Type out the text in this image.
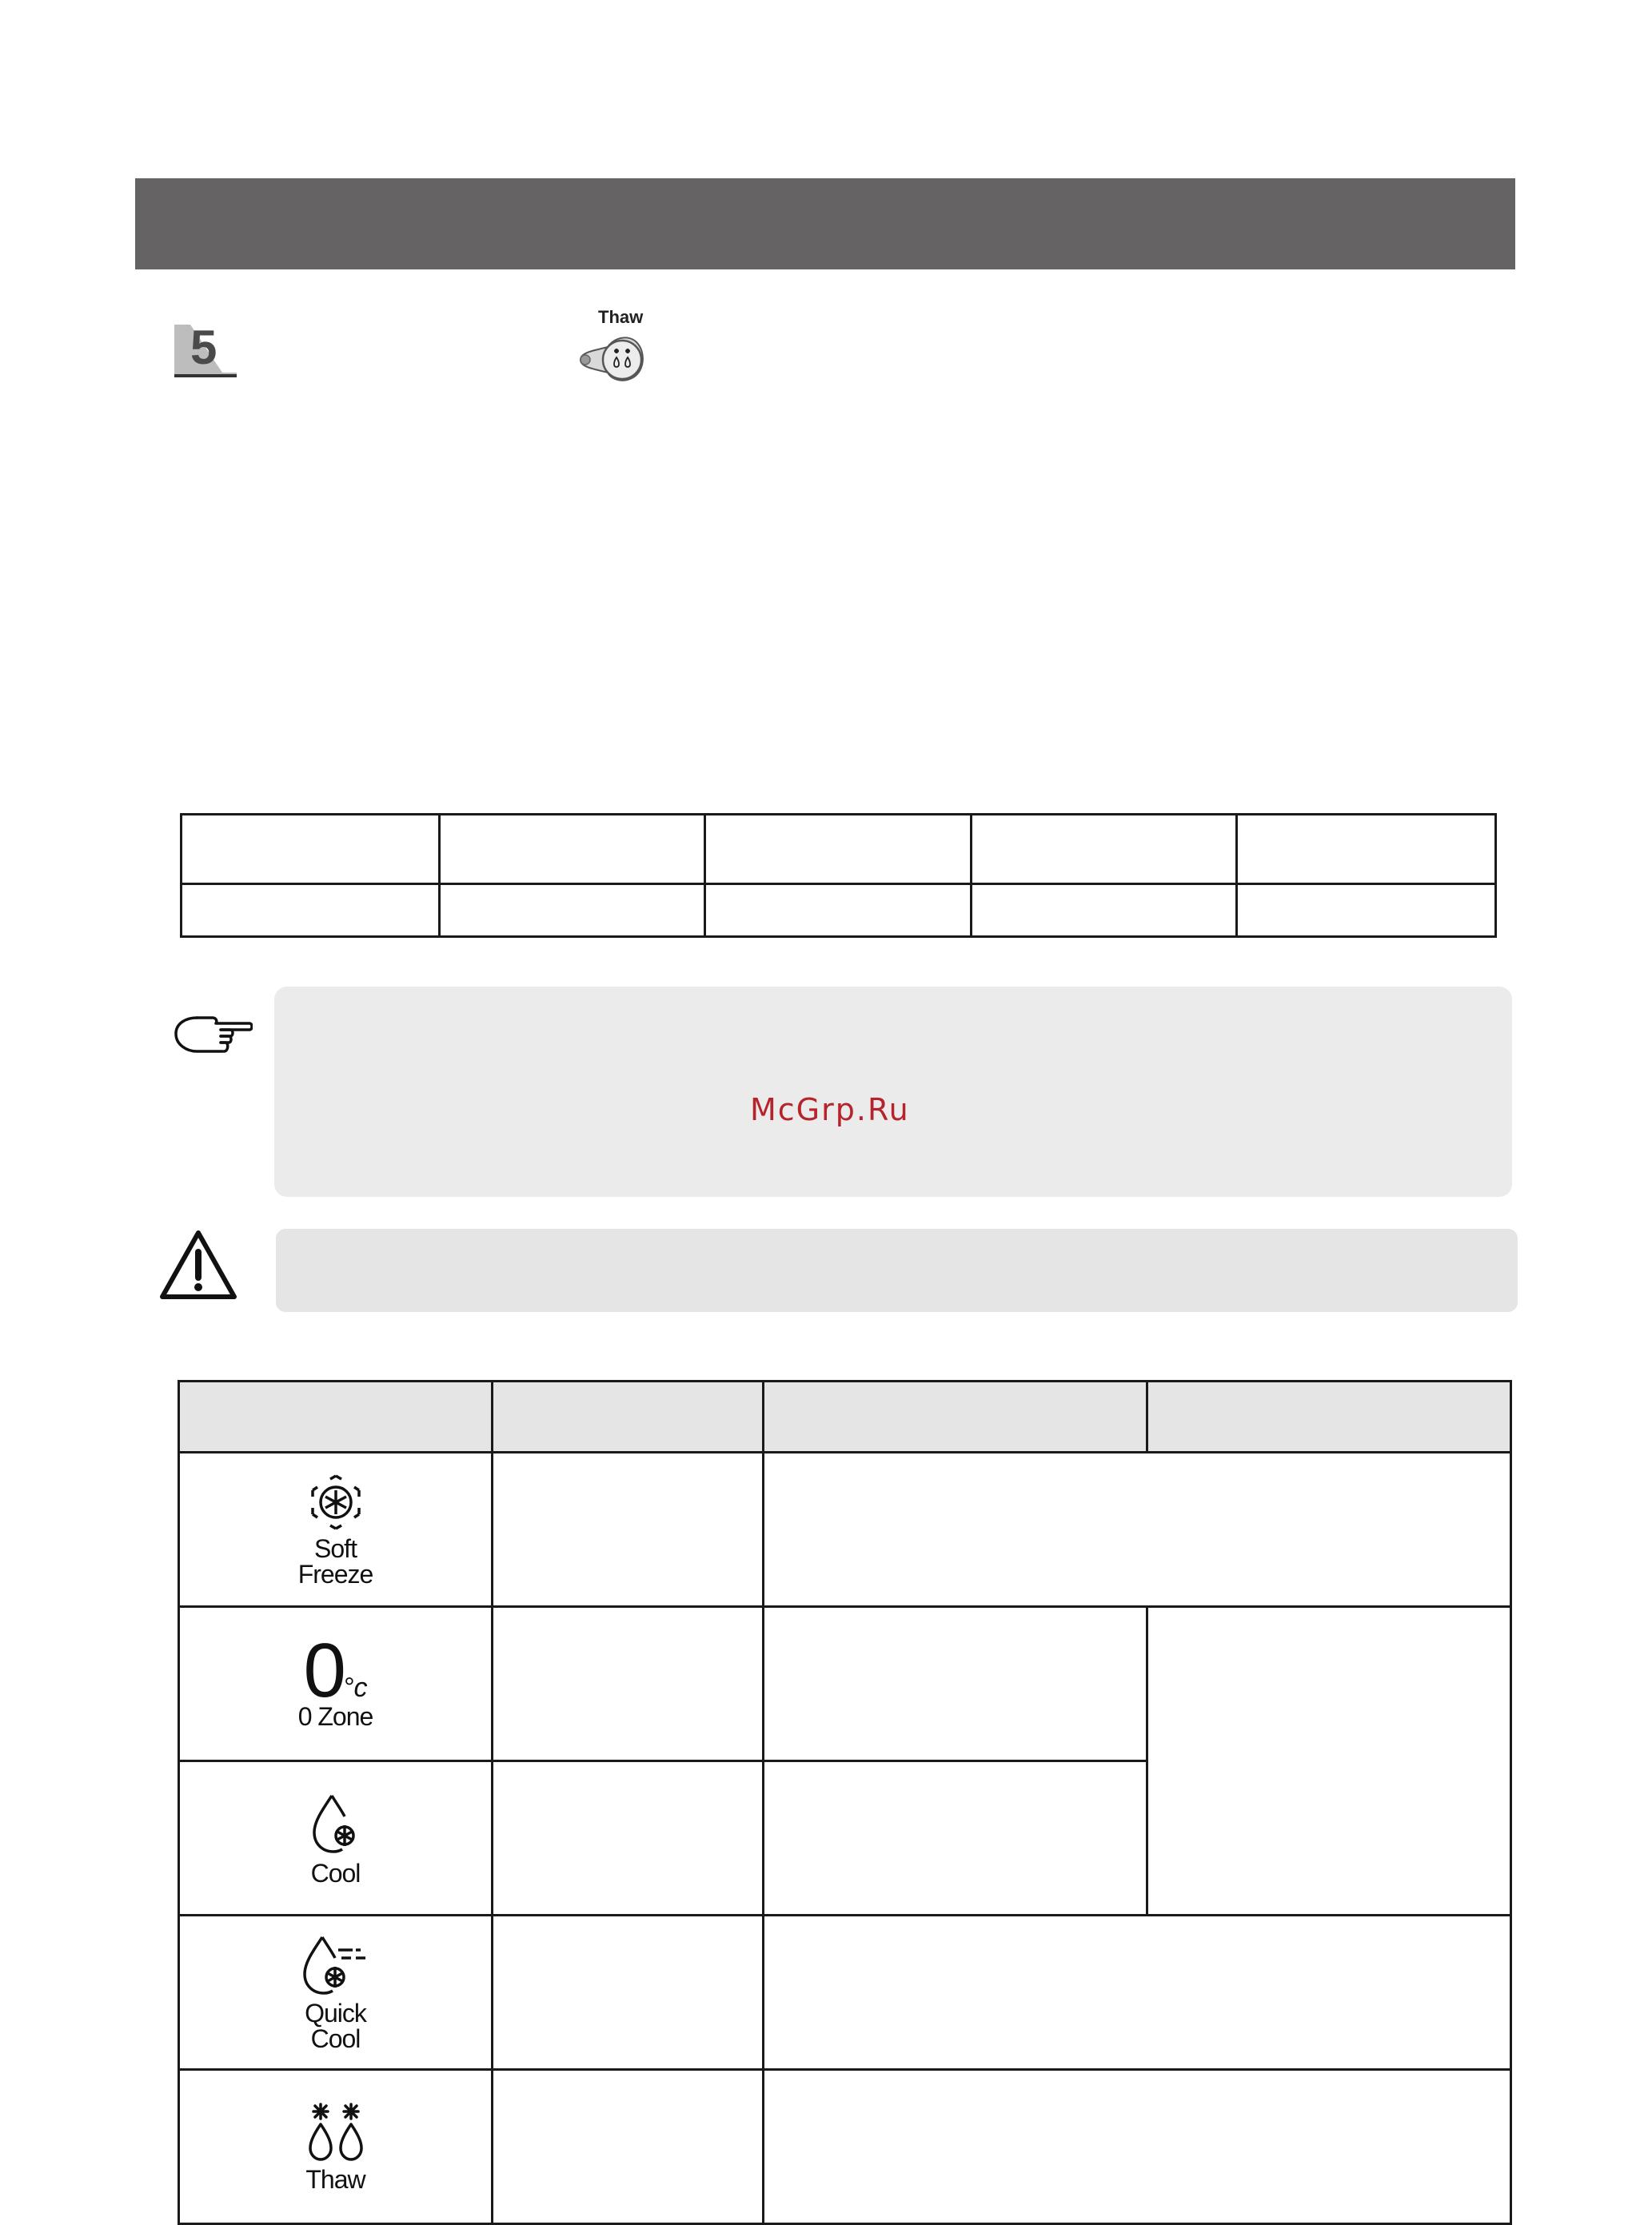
5
Thaw

McGrp.Ru

Soft
Freeze			

0°c
0 Zone			

Cool			

Quick
Cool			

Thaw			
